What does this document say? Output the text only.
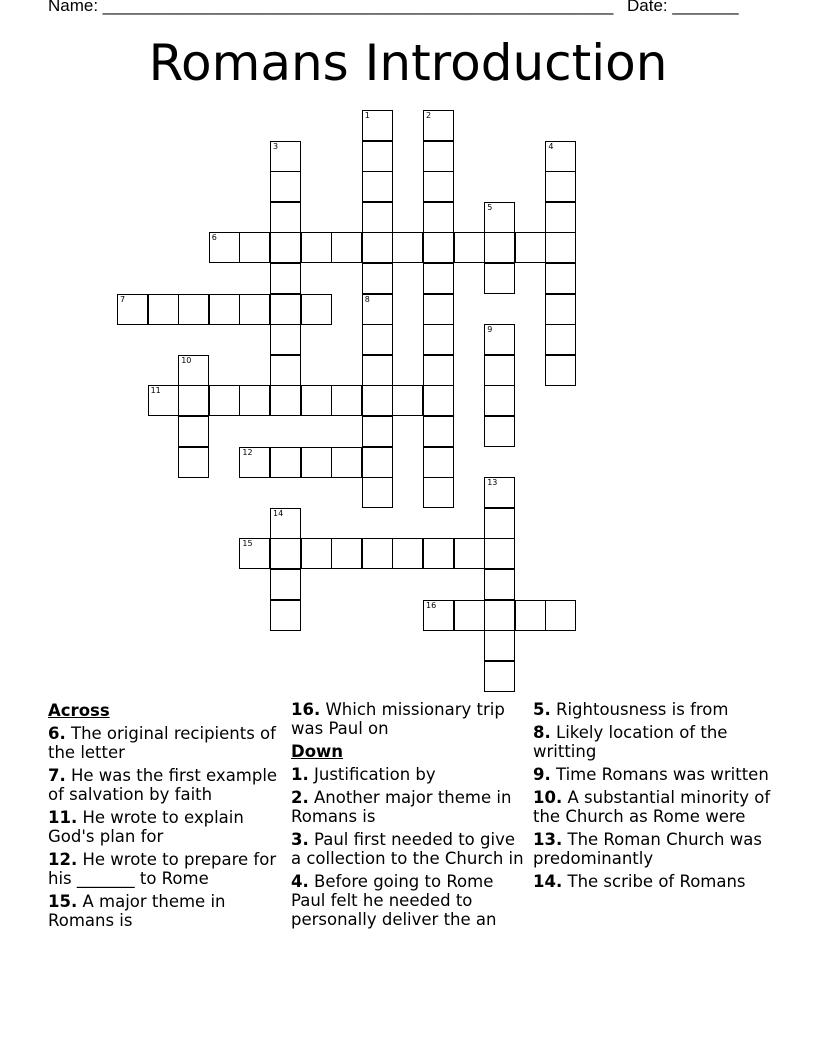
Name: ______________________________________________________ Date: _______
Romans Introduction
1
8
2
3	4
5
6
7
9
10
11
12
13
14
15
16
Across
6. The original recipients of the letter
7. He was the first example of salvation by faith
11. He wrote to explain God's plan for
12. He wrote to prepare for his _______ to Rome
15. A major theme in Romans is
16. Which missionary trip was Paul on
Down
1. Justification by
2. Another major theme in Romans is
3. Paul first needed to give a collection to the Church in
4. Before going to Rome Paul felt he needed to personally deliver the an
5. Rightousness is from
8. Likely location of the writting
9. Time Romans was written
10. A substantial minority of the Church as Rome were
13. The Roman Church was predominantly
14. The scribe of Romans
